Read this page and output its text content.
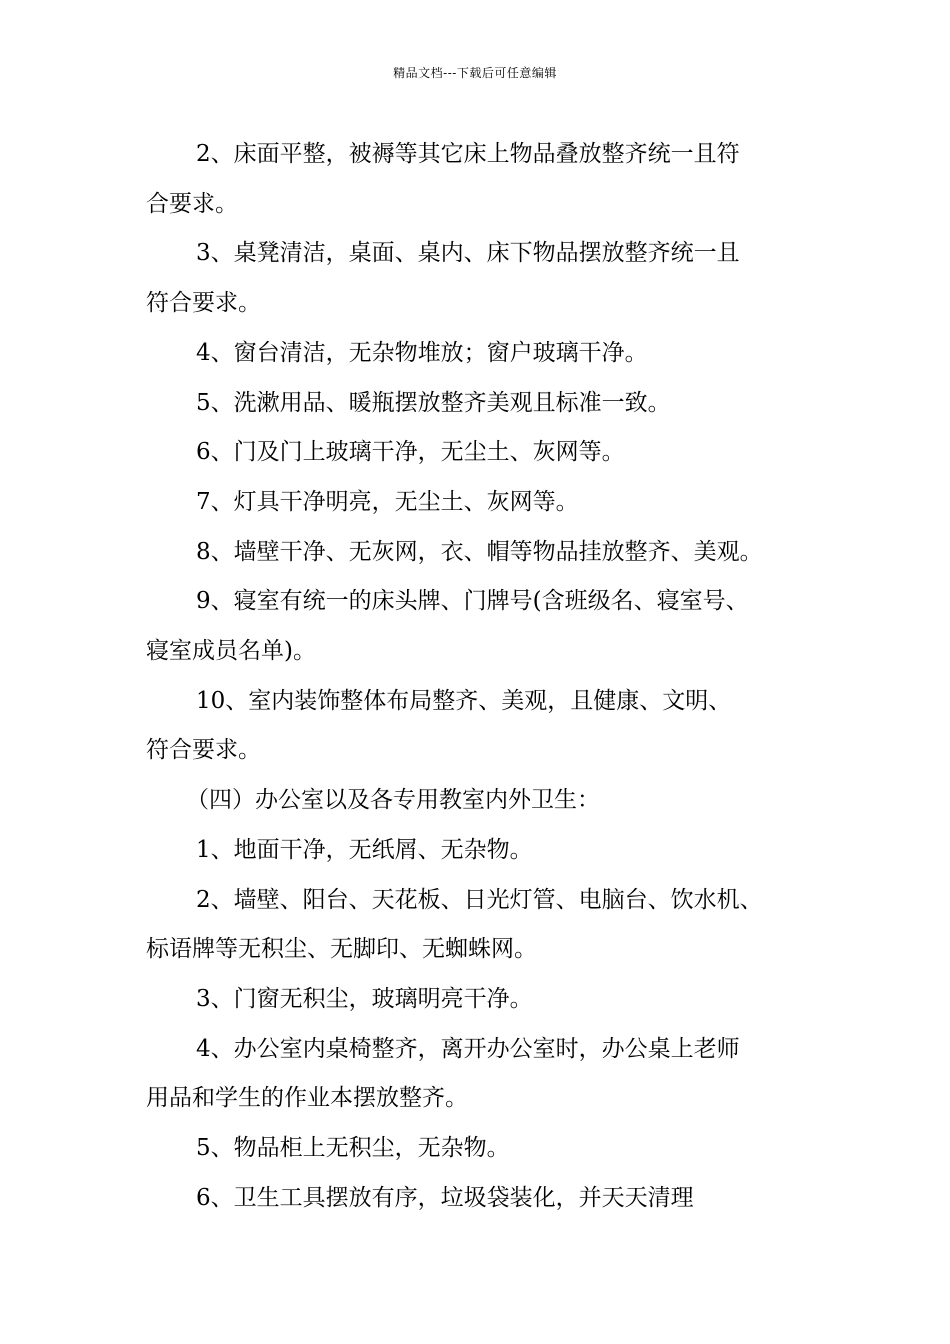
精品文档---下载后可任意编辑

2、床面平整，被褥等其它床上物品叠放整齐统一且符

合要求。

3、桌凳清洁，桌面、桌内、床下物品摆放整齐统一且

符合要求。

4、窗台清洁，无杂物堆放；窗户玻璃干净。

5、洗漱用品、暖瓶摆放整齐美观且标准一致。

6、门及门上玻璃干净，无尘土、灰网等。

7、灯具干净明亮，无尘土、灰网等。

8、墙壁干净、无灰网，衣、帽等物品挂放整齐、美观。

9、寝室有统一的床头牌、门牌号(含班级名、寝室号、

寝室成员名单)。

10、室内装饰整体布局整齐、美观，且健康、文明、

符合要求。

（四）办公室以及各专用教室内外卫生：

1、地面干净，无纸屑、无杂物。

2、墙壁、阳台、天花板、日光灯管、电脑台、饮水机、

标语牌等无积尘、无脚印、无蜘蛛网。

3、门窗无积尘，玻璃明亮干净。

4、办公室内桌椅整齐，离开办公室时，办公桌上老师

用品和学生的作业本摆放整齐。

5、物品柜上无积尘，无杂物。

6、卫生工具摆放有序，垃圾袋装化，并天天清理
